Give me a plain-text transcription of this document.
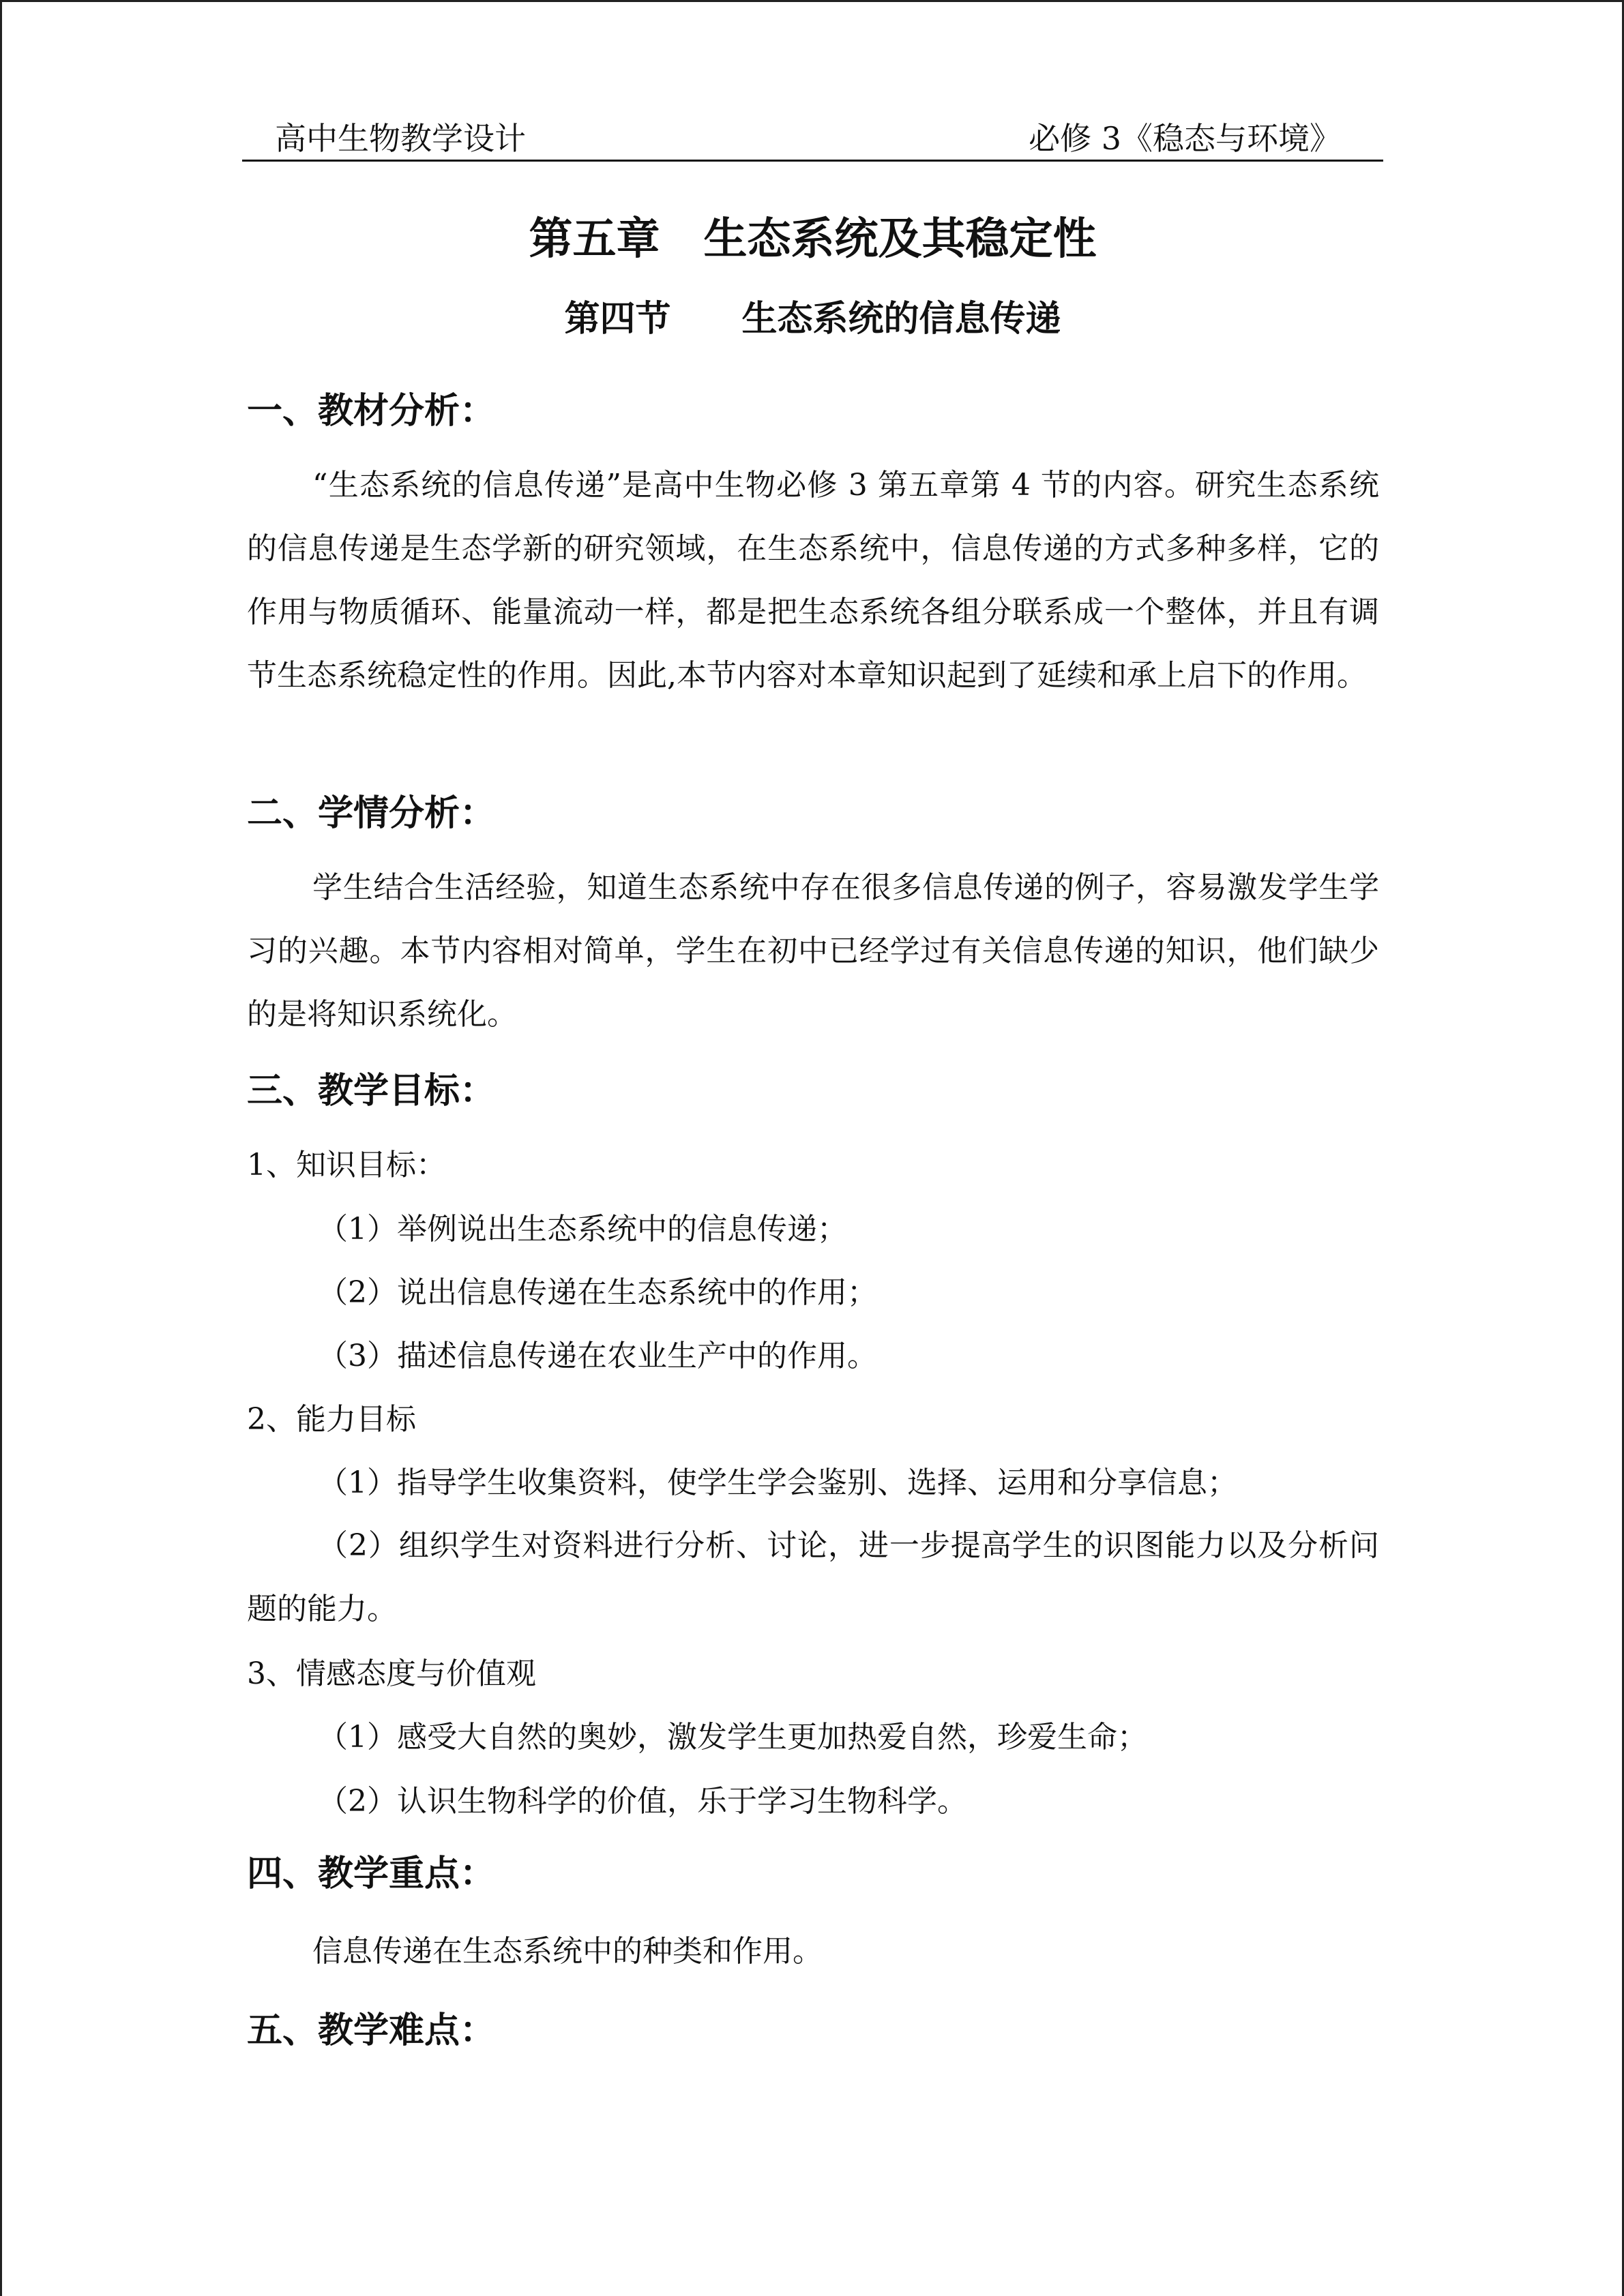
高中生物教学设计	必修 3《稳态与环境》
第五章　生态系统及其稳定性
第四节　　生态系统的信息传递
一、教材分析：
“生态系统的信息传递”是高中生物必修 3 第五章第 4 节的内容。研究生态系统的信息传递是生态学新的研究领域，在生态系统中，信息传递的方式多种多样，它的作用与物质循环、能量流动一样，都是把生态系统各组分联系成一个整体，并且有调节生态系统稳定性的作用。因此,本节内容对本章知识起到了延续和承上启下的作用。
二、学情分析：
学生结合生活经验，知道生态系统中存在很多信息传递的例子，容易激发学生学习的兴趣。本节内容相对简单，学生在初中已经学过有关信息传递的知识，他们缺少的是将知识系统化。
三、教学目标：
1、知识目标：
（1）举例说出生态系统中的信息传递；
（2）说出信息传递在生态系统中的作用；
（3）描述信息传递在农业生产中的作用。
2、能力目标
（1）指导学生收集资料，使学生学会鉴别、选择、运用和分享信息；
（2）组织学生对资料进行分析、讨论，进一步提高学生的识图能力以及分析问题的能力。
3、情感态度与价值观
（1）感受大自然的奥妙，激发学生更加热爱自然，珍爱生命；
（2）认识生物科学的价值，乐于学习生物科学。
四、教学重点：
信息传递在生态系统中的种类和作用。
五、教学难点：
